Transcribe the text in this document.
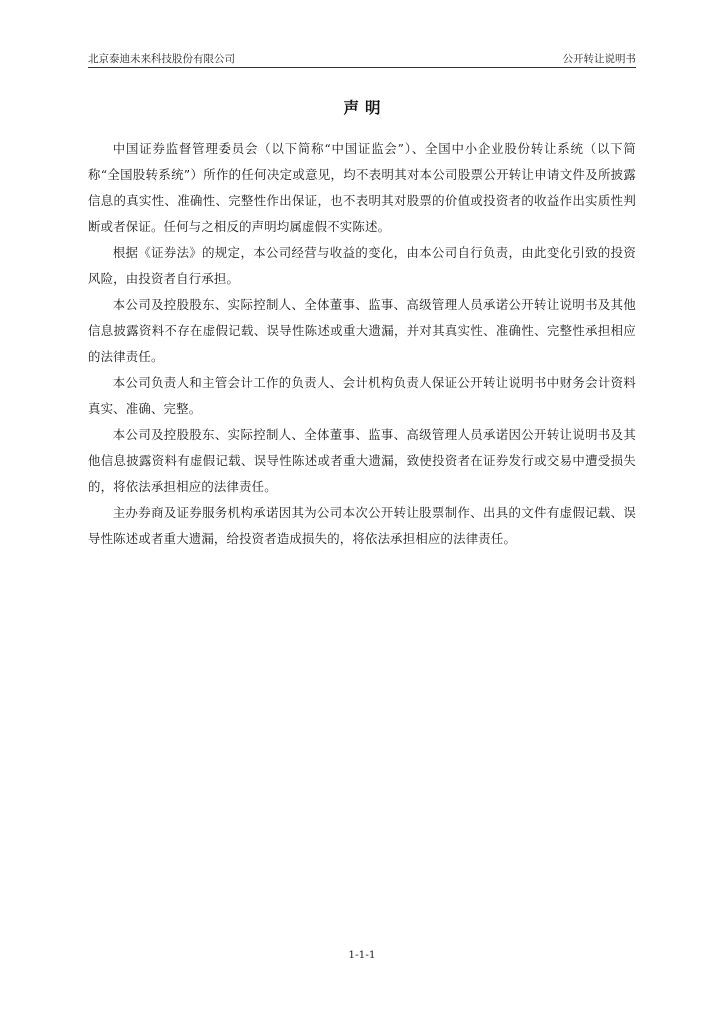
北京泰迪未来科技股份有限公司	公开转让说明书
声明

中国证券监督管理委员会（以下简称“中国证监会”）、全国中小企业股份转让系统（以下简称“全国股转系统”）所作的任何决定或意见，均不表明其对本公司股票公开转让申请文件及所披露信息的真实性、准确性、完整性作出保证，也不表明其对股票的价值或投资者的收益作出实质性判断或者保证。任何与之相反的声明均属虚假不实陈述。

根据《证券法》的规定，本公司经营与收益的变化，由本公司自行负责，由此变化引致的投资风险，由投资者自行承担。

本公司及控股股东、实际控制人、全体董事、监事、高级管理人员承诺公开转让说明书及其他信息披露资料不存在虚假记载、误导性陈述或重大遗漏，并对其真实性、准确性、完整性承担相应的法律责任。

本公司负责人和主管会计工作的负责人、会计机构负责人保证公开转让说明书中财务会计资料真实、准确、完整。

本公司及控股股东、实际控制人、全体董事、监事、高级管理人员承诺因公开转让说明书及其他信息披露资料有虚假记载、误导性陈述或者重大遗漏，致使投资者在证券发行或交易中遭受损失的，将依法承担相应的法律责任。

主办券商及证券服务机构承诺因其为公司本次公开转让股票制作、出具的文件有虚假记载、误导性陈述或者重大遗漏，给投资者造成损失的，将依法承担相应的法律责任。

1-1-1
